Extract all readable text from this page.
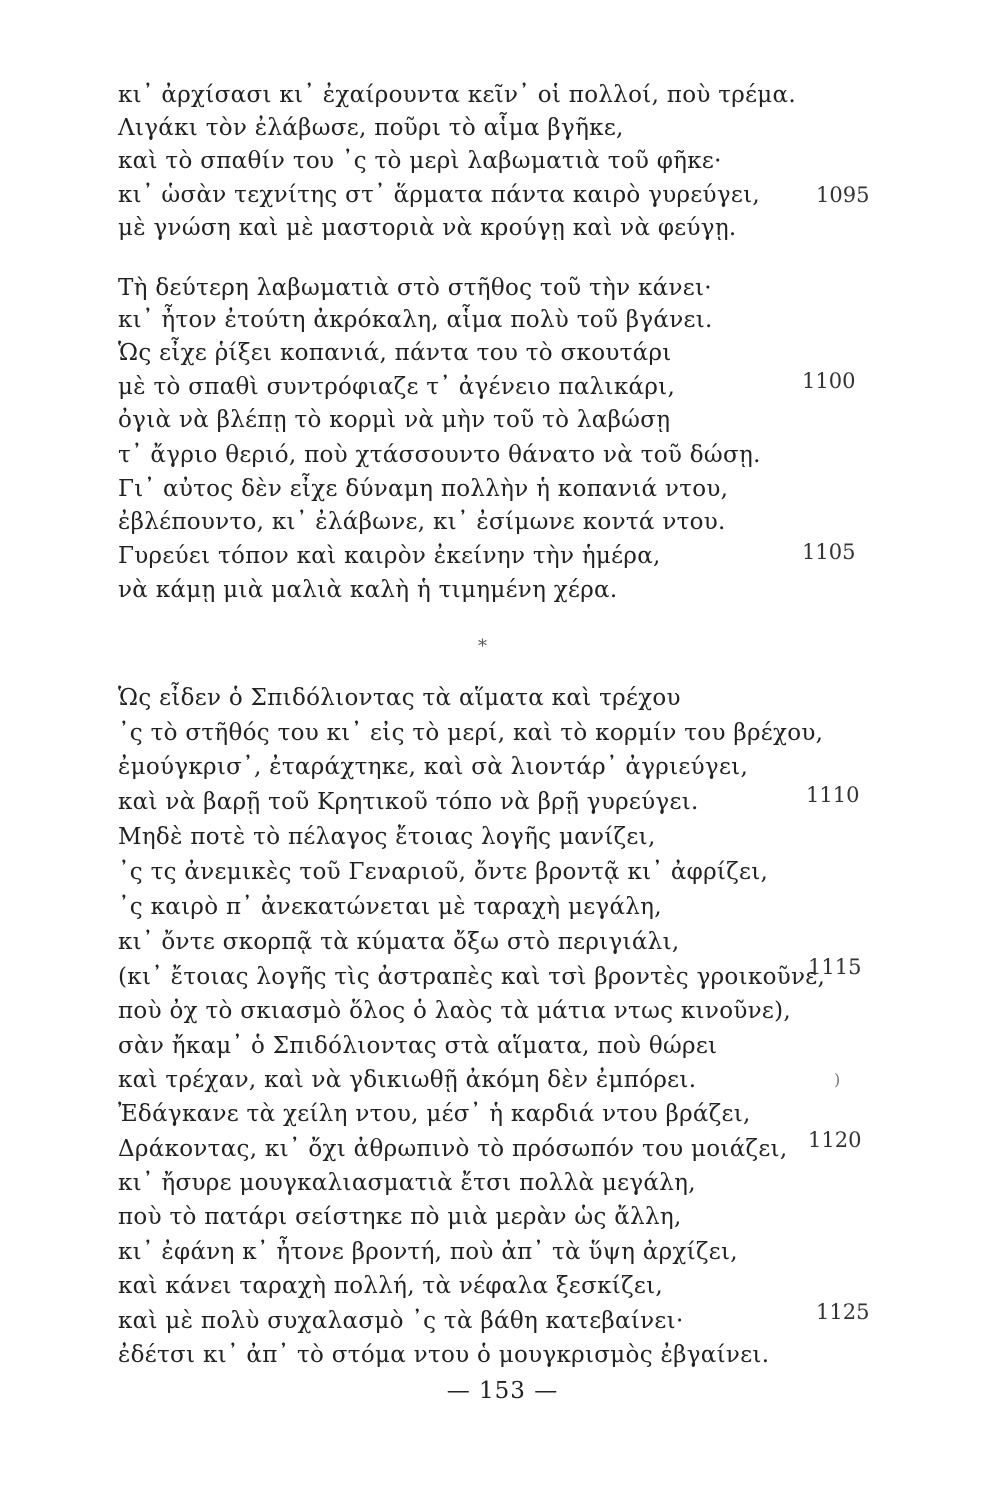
κι᾽ ἀρχίσασι κι᾽ ἐχαίρουντα κεῖν᾽ οἱ πολλοί, ποὺ τρέμα.
Λιγάκι τὸν ἐλάβωσε, ποῦρι τὸ αἷμα βγῆκε,
καὶ τὸ σπαθίν του ᾽ς τὸ μερὶ λαβωματιὰ τοῦ φῆκε·
κι᾽ ὡσὰν τεχνίτης στ᾽ ἅρματα πάντα καιρὸ γυρεύγει,
μὲ γνώση καὶ μὲ μαστοριὰ νὰ κρούγῃ καὶ νὰ φεύγῃ.
1095
Τὴ δεύτερη λαβωματιὰ στὸ στῆθος τοῦ τὴν κάνει·
κι᾽ ἦτον ἐτούτη ἀκρόκαλη, αἷμα πολὺ τοῦ βγάνει.
Ὡς εἶχε ῥίξει κοπανιά, πάντα του τὸ σκουτάρι
μὲ τὸ σπαθὶ συντρόφιαζε τ᾽ ἀγένειο παλικάρι,
ὀγιὰ νὰ βλέπῃ τὸ κορμὶ νὰ μὴν τοῦ τὸ λαβώσῃ
τ᾽ ἄγριο θεριό, ποὺ χτάσσουντο θάνατο νὰ τοῦ δώσῃ.
Γι᾽ αὐτος δὲν εἶχε δύναμη πολλὴν ἡ κοπανιά ντου,
ἐβλέπουντο, κι᾽ ἐλάβωνε, κι᾽ ἐσίμωνε κοντά ντου.
Γυρεύει τόπον καὶ καιρὸν ἐκείνην τὴν ἡμέρα,
νὰ κάμῃ μιὰ μαλιὰ καλὴ ἡ τιμημένη χέρα.
1100
1105
*
Ὡς εἶδεν ὁ Σπιδόλιοντας τὰ αἵματα καὶ τρέχου
᾽ς τὸ στῆθός του κι᾽ εἰς τὸ μερί, καὶ τὸ κορμίν του βρέχου,
ἐμούγκρισ᾽, ἐταράχτηκε, καὶ σὰ λιοντάρ᾽ ἀγριεύγει,
καὶ νὰ βαρῇ τοῦ Κρητικοῦ τόπο νὰ βρῇ γυρεύγει.
Μηδὲ ποτὲ τὸ πέλαγος ἔτοιας λογῆς μανίζει,
᾽ς τς ἀνεμικὲς τοῦ Γεναριοῦ, ὄντε βροντᾷ κι᾽ ἀφρίζει,
᾽ς καιρὸ π᾽ ἀνεκατώνεται μὲ ταραχὴ μεγάλη,
κι᾽ ὄντε σκορπᾷ τὰ κύματα ὄξω στὸ περιγιάλι,
(κι᾽ ἔτοιας λογῆς τὶς ἀστραπὲς καὶ τσὶ βροντὲς γροικοῦνε,
ποὺ ὀχ τὸ σκιασμὸ ὅλος ὁ λαὸς τὰ μάτια ντως κινοῦνε),
σὰν ἤκαμ᾽ ὁ Σπιδόλιοντας στὰ αἵματα, ποὺ θώρει
καὶ τρέχαν, καὶ νὰ γδικιωθῇ ἀκόμη δὲν ἐμπόρει.
Ἐδάγκανε τὰ χείλη ντου, μέσ᾽ ἡ καρδιά ντου βράζει,
Δράκοντας, κι᾽ ὄχι ἀθρωπινὸ τὸ πρόσωπόν του μοιάζει,
κι᾽ ἤσυρε μουγκαλιασματιὰ ἔτσι πολλὰ μεγάλη,
ποὺ τὸ πατάρι σείστηκε πὸ μιὰ μερὰν ὡς ἄλλη,
κι᾽ ἐφάνη κ᾽ ἦτονε βροντή, ποὺ ἀπ᾽ τὰ ὕψη ἀρχίζει,
καὶ κάνει ταραχὴ πολλή, τὰ νέφαλα ξεσκίζει,
καὶ μὲ πολὺ συχαλασμὸ ᾽ς τὰ βάθη κατεβαίνει·
ἐδέτσι κι᾽ ἀπ᾽ τὸ στόμα ντου ὁ μουγκρισμὸς ἐβγαίνει.
1110
1115
1120
1125
)
— 153 —
